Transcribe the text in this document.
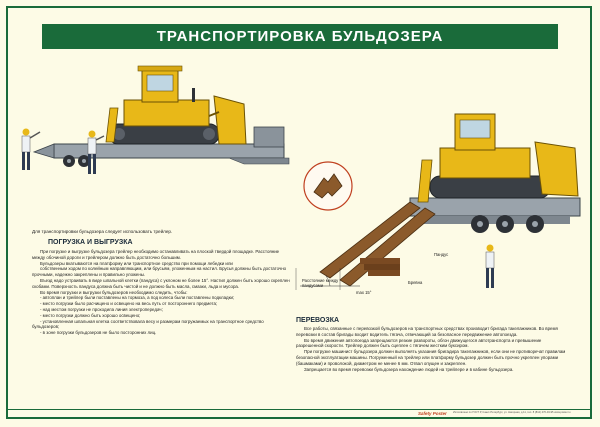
ТРАНСПОРТИРОВКА БУЛЬДОЗЕРА
Расстояние между пандусами
Пандус
max 15°
Бревна
Для транспортировки бульдозера следует использовать трейлер.
ПОГРУЗКА И ВЫГРУЗКА

При погрузке и выгрузке бульдозера трейлер необходимо останавливать на плоской твердой площадке. Расстояние между обочиной дороги и трейлером должно быть достаточно большим.

Бульдозеры вкатываются на платформу или транспортное средство при помощи лебедки или

собственным ходом по колейным направляющим, или брусьям, уложенным на настил. Брусья должны быть достаточно прочными, надежно закреплены и правильно уложены.

Въезд надо устраивать в виде шпальной клетки (пандуса) с уклоном не более 15°. Настил должен быть хорошо скреплен скобами. Поверхность пандуса должна быть чистой и не должно быть масла, смазки, льда и мусора.

Во время погрузки и выгрузки бульдозеров необходимо следить, чтобы:

- автоплан и трейлер были поставлены на тормоза, а под колеса были поставлены подкладки;

- место погрузки было расчищено и освещено на весь путь от постороннего предмета;

- над местом погрузки не проходила линия электропередач;

- место погрузки должно быть хорошо освещено;

- установленная шпальная клетка соответствовала весу и размерам погружаемых на транспортное средство бульдозеров;

- в зоне погрузки бульдозеров не было посторонних лиц.

ПЕРЕВОЗКА

Все работы, связанные с перевозкой бульдозеров на транспортных средствах производит бригада такелажников. Во время перевозки в состав бригады входит водитель тягача, отвечающий за безопасное передвижение автопоезда.

Во время движения автопоезда запрещаются резкие развороты, обгон движущегося автотранспорта и превышение разрешенной скорости. Трейлер должен быть сцеплен с тягачем жестким буксиром.

При погрузке машинист бульдозера должен выполнять указания бригадира такелажников, если они не противоречат правилам безопасной эксплуатации машины. Погруженный на трейлер или платформу бульдозер должен быть прочно укреплен упорами (башмаками) и проволокой, диаметром не менее 6 мм. Отвал опущен и закреплен.

Запрещается во время перевозки бульдозера нахождение людей на трейлере и в кабине бульдозера.

Safety Poster Изготовлено по ГОСТ Р, Санкт-Петербург, ул. Нагорная, д.11, тел. 8 (812) 470-04-95 www.poster.ru
